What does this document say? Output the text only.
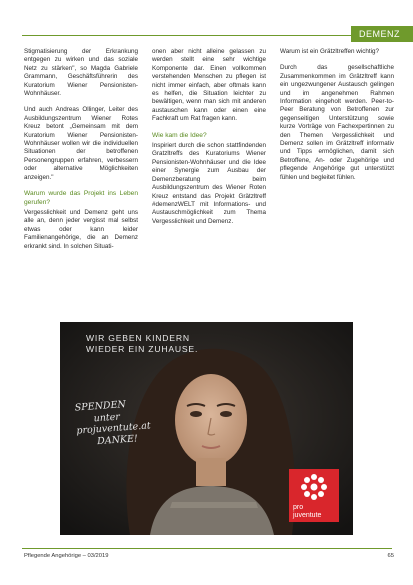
DEMENZ

Stigmatisierung der Erkrankung entgegen zu wirken und das soziale Netz zu stärken", so Magda Gabriele Grammann, Geschäftsführerin des Kuratorium Wiener Pensionisten-Wohnhäuser.

Und auch Andreas Ollinger, Leiter des Ausbildungszentrum Wiener Rotes Kreuz betont „Gemeinsam mit dem Kuratorium Wiener Pensionisten-Wohnhäuser wollen wir die individuellen Situationen der betroffenen Personengruppen erfahren, verbessern oder alternative Möglichkeiten anzeigen."

Warum wurde das Projekt ins Leben gerufen?

Vergesslichkeit und Demenz geht uns alle an, denn jeder vergisst mal selbst etwas oder kann leider Familienangehörige, die an Demenz erkrankt sind. In solchen Situati-

onen aber nicht alleine gelassen zu werden stellt eine sehr wichtige Komponente dar. Einen vollkommen verstehenden Menschen zu pflegen ist nicht immer einfach, aber oftmals kann es helfen, die Situation leichter zu bewältigen, wenn man sich mit anderen austauschen kann oder einen eine Fachkraft um Rat fragen kann.

Wie kam die Idee?

Inspiriert durch die schon stattfindenden Gratzltreffs des Kuratoriums Wiener Pensionisten-Wohnhäuser und die Idee einer Synergie zum Ausbau der Demenzberatung beim Ausbildungszentrum des Wiener Roten Kreuz entstand das Projekt Grätzltreff #demenzWELT mit Informations- und Austauschmöglichkeit zum Thema Vergesslichkeit und Demenz.

Warum ist ein Grätzltreffen wichtig?

Durch das gesellschaftliche Zusammenkommen im Grätzltreff kann ein ungezwungener Austausch gelingen und im angenehmen Rahmen Information eingeholt werden. Peer-to-Peer Beratung von Betroffenen zur gegenseitigen Unterstützung sowie kurze Vorträge von Fachexpertinnen zu den Themen Vergesslichkeit und Demenz sollen im Grätzltreff informativ und Tipps ermöglichen, damit sich Betroffene, An- oder Zugehörige und pflegende Angehörige gut unterstützt fühlen und begleitet fühlen.

WIR GEBEN KINDERN
WIEDER EIN ZUHAUSE.
SPENDEN
unter
projuventute.at
DANKE!
pro
juventute
Pflegende Angehörige – 03/2019	65
